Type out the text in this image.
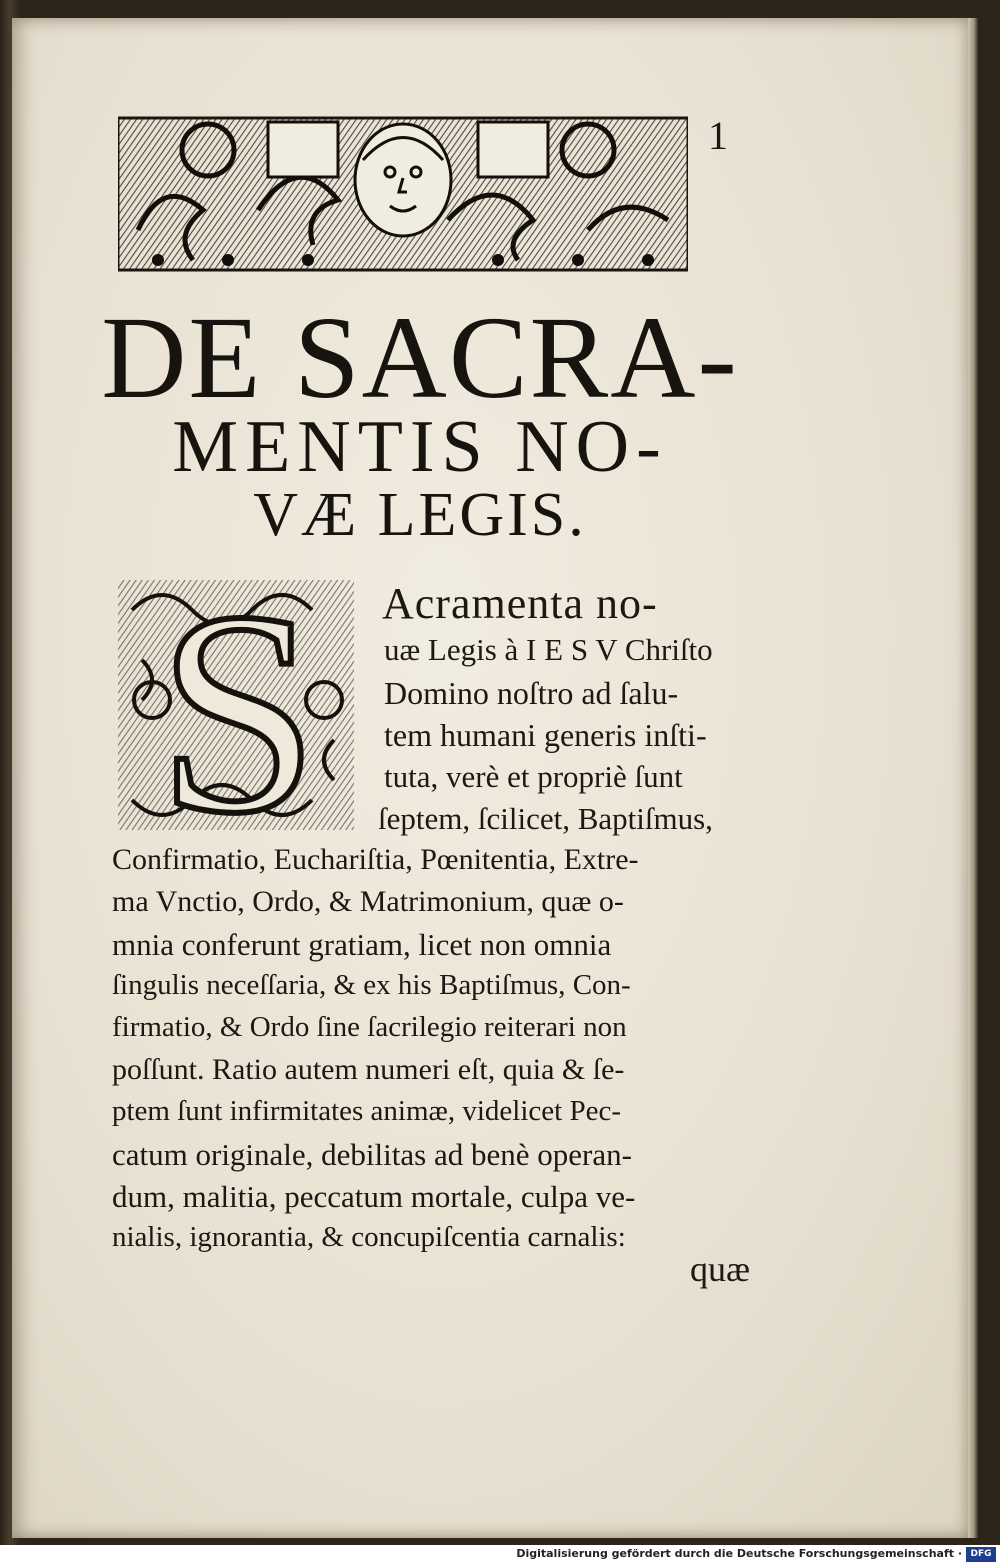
1
DE SACRA-
MENTIS NO-
VÆ LEGIS.
S Acramenta no-
uæ Legis à I E S V Chriſto
Domino noſtro ad ſalu-
tem humani generis inſti-
tuta, verè et propriè ſunt
ſeptem, ſcilicet, Baptiſmus,
Confirmatio, Euchariſtia, Pœnitentia, Extre-
ma Vnctio, Ordo, & Matrimonium, quæ o-
mnia conferunt gratiam, licet non omnia
ſingulis neceſſaria, & ex his Baptiſmus, Con-
firmatio, & Ordo ſine ſacrilegio reiterari non
poſſunt. Ratio autem numeri eſt, quia & ſe-
ptem ſunt infirmitates animæ, videlicet Pec-
catum originale, debilitas ad benè operan-
dum, malitia, peccatum mortale, culpa ve-
nialis, ignorantia, & concupiſcentia carnalis:
quæ
Digitalisierung gefördert durch die Deutsche Forschungsgemeinschaft · DFG
